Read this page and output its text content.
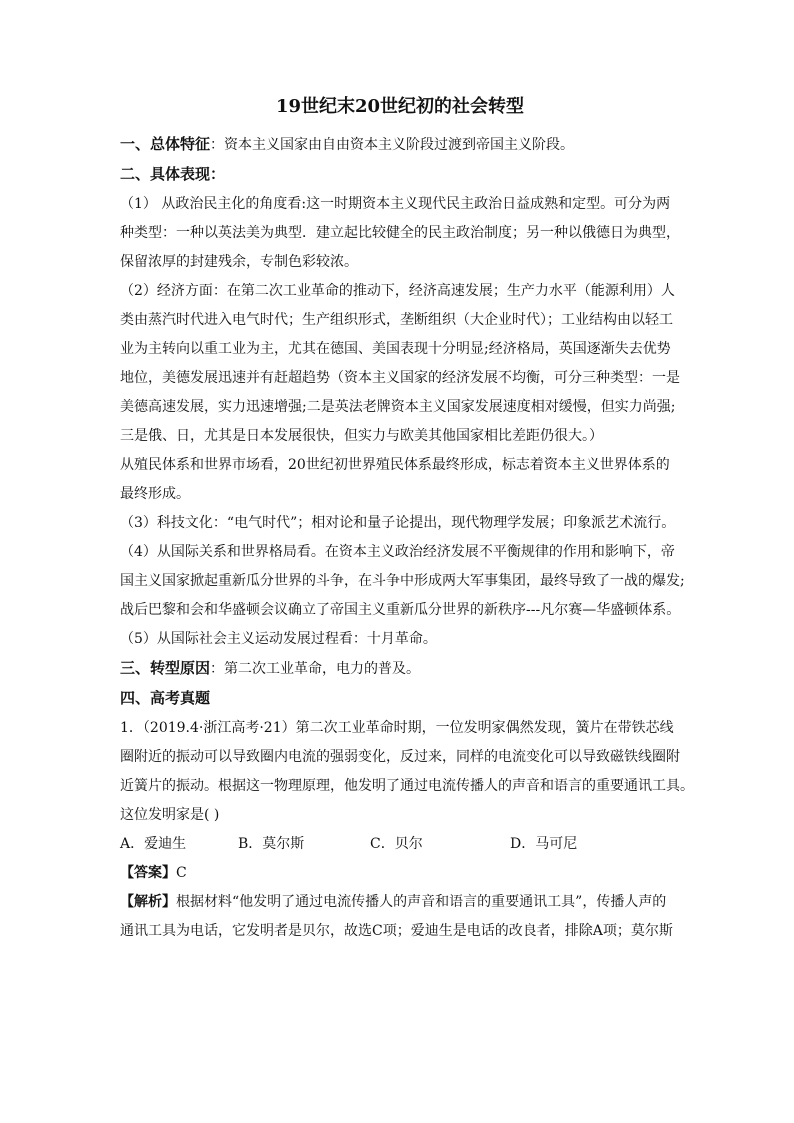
19世纪末20世纪初的社会转型
一、总体特征：资本主义国家由自由资本主义阶段过渡到帝国主义阶段。
二、具体表现：
（1） 从政治民主化的角度看:这一时期资本主义现代民主政治日益成熟和定型。可分为两
种类型：一种以英法美为典型．建立起比较健全的民主政治制度；另一种以俄德日为典型，
保留浓厚的封建残余，专制色彩较浓。
（2）经济方面：在第二次工业革命的推动下，经济高速发展；生产力水平（能源利用）人
类由蒸汽时代进入电气时代；生产组织形式，垄断组织（大企业时代）；工业结构由以轻工
业为主转向以重工业为主，尤其在德国、美国表现十分明显;经济格局，英国逐渐失去优势
地位，美德发展迅速并有赶超趋势（资本主义国家的经济发展不均衡，可分三种类型：一是
美德高速发展，实力迅速增强;二是英法老牌资本主义国家发展速度相对缓慢，但实力尚强;
三是俄、日，尤其是日本发展很快，但实力与欧美其他国家相比差距仍很大。）
从殖民体系和世界市场看，20世纪初世界殖民体系最终形成，标志着资本主义世界体系的
最终形成。
（3）科技文化：“电气时代”；相对论和量子论提出，现代物理学发展；印象派艺术流行。
（4）从国际关系和世界格局看。在资本主义政治经济发展不平衡规律的作用和影响下，帝
国主义国家掀起重新瓜分世界的斗争，在斗争中形成两大军事集团，最终导致了一战的爆发;
战后巴黎和会和华盛顿会议确立了帝国主义重新瓜分世界的新秩序---凡尔赛—华盛顿体系。
（5）从国际社会主义运动发展过程看：十月革命。
三、转型原因：第二次工业革命，电力的普及。
四、高考真题
1．（2019.4·浙江高考·21）第二次工业革命时期，一位发明家偶然发现，簧片在带铁芯线
圈附近的振动可以导致圈内电流的强弱变化，反过来，同样的电流变化可以导致磁铁线圈附
近簧片的振动。根据这一物理原理，他发明了通过电流传播人的声音和语言的重要通讯工具。
这位发明家是( )
A．爱迪生	B．莫尔斯	C．贝尔	D．马可尼
【答案】C
【解析】根据材料“他发明了通过电流传播人的声音和语言的重要通讯工具”，传播人声的
通讯工具为电话，它发明者是贝尔，故选C项；爱迪生是电话的改良者，排除A项；莫尔斯
